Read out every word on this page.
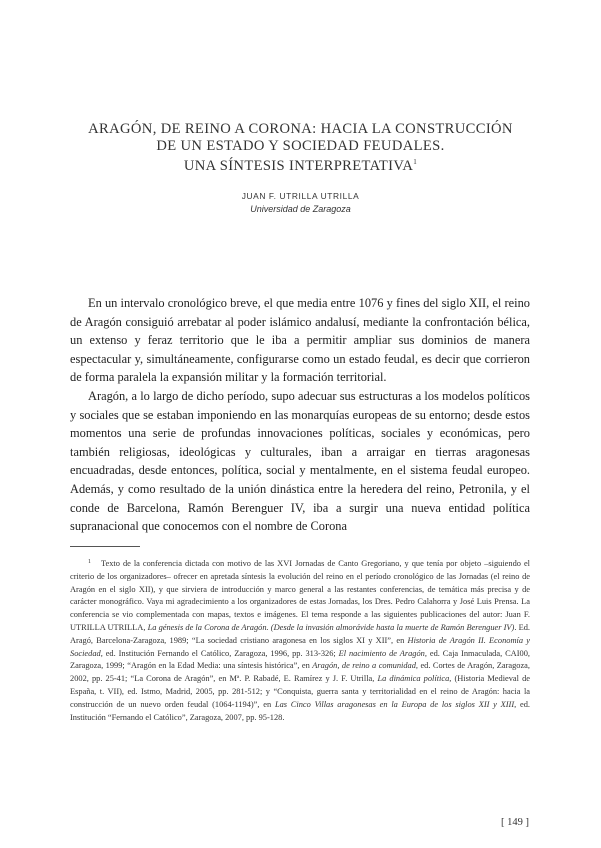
ARAGÓN, DE REINO A CORONA: HACIA LA CONSTRUCCIÓN
DE UN ESTADO Y SOCIEDAD FEUDALES.
UNA SÍNTESIS INTERPRETATIVA$^1$
JUAN F. UTRILLA UTRILLA
Universidad de Zaragoza

En un intervalo cronológico breve, el que media entre 1076 y fines del siglo XII, el reino de Aragón consiguió arrebatar al poder islámico andalusí, mediante la confrontación bélica, un extenso y feraz territorio que le iba a permitir ampliar sus dominios de manera espectacular y, simultáneamente, configurarse como un estado feudal, es decir que corrieron de forma paralela la expansión militar y la formación territorial.

Aragón, a lo largo de dicho período, supo adecuar sus estructuras a los modelos políticos y sociales que se estaban imponiendo en las monarquías europeas de su entorno; desde estos momentos una serie de profundas innovaciones políticas, sociales y económicas, pero también religiosas, ideológicas y culturales, iban a arraigar en tierras aragonesas encuadradas, desde entonces, política, social y mentalmente, en el sistema feudal europeo. Además, y como resultado de la unión dinástica entre la heredera del reino, Petronila, y el conde de Barcelona, Ramón Berenguer IV, iba a surgir una nueva entidad política supranacional que conocemos con el nombre de Corona

$^1$ Texto de la conferencia dictada con motivo de las XVI Jornadas de Canto Gregoriano, y que tenía por objeto –siguiendo el criterio de los organizadores– ofrecer en apretada síntesis la evolución del reino en el período cronológico de las Jornadas (el reino de Aragón en el siglo XII), y que sirviera de introducción y marco general a las restantes conferencias, de temática más precisa y de carácter monográfico. Vaya mi agradecimiento a los organizadores de estas Jornadas, los Dres. Pedro Calahorra y José Luis Prensa. La conferencia se vio complementada con mapas, textos e imágenes. El tema responde a las siguientes publicaciones del autor: Juan F. UTRILLA UTRILLA, La génesis de la Corona de Aragón. (Desde la invasión almorávide hasta la muerte de Ramón Berenguer IV). Ed. Aragó, Barcelona-Zaragoza, 1989; “La sociedad cristiano aragonesa en los siglos XI y XII”, en Historia de Aragón II. Economía y Sociedad, ed. Institución Fernando el Católico, Zaragoza, 1996, pp. 313-326; El nacimiento de Aragón, ed. Caja Inmaculada, CAI00, Zaragoza, 1999; “Aragón en la Edad Media: una síntesis histórica”, en Aragón, de reino a comunidad, ed. Cortes de Aragón, Zaragoza, 2002, pp. 25-41; “La Corona de Aragón”, en Mª. P. Rabadé, E. Ramírez y J. F. Utrilla, La dinámica política, (Historia Medieval de España, t. VII), ed. Istmo, Madrid, 2005, pp. 281-512; y “Conquista, guerra santa y territorialidad en el reino de Aragón: hacia la construcción de un nuevo orden feudal (1064-1194)”, en Las Cinco Villas aragonesas en la Europa de los siglos XII y XIII, ed. Institución “Fernando el Católico”, Zaragoza, 2007, pp. 95-128.

[ 149 ]
